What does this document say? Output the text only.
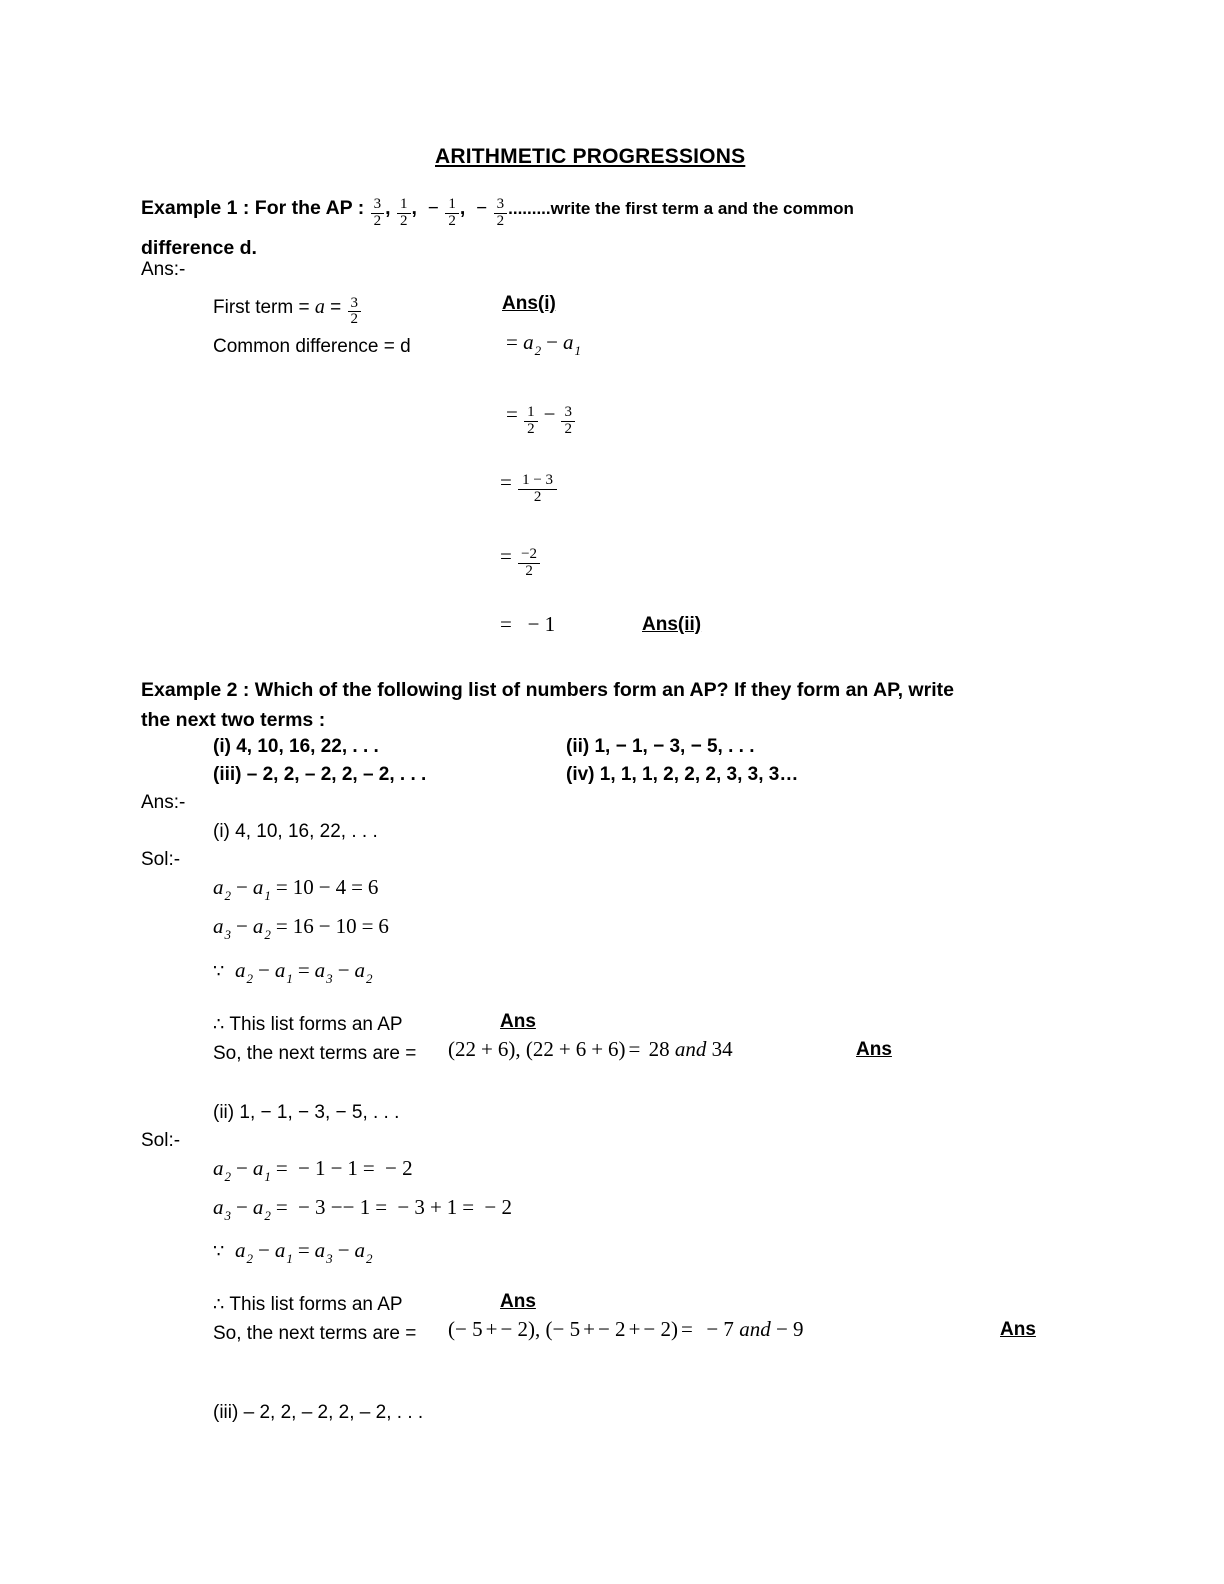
ARITHMETIC PROGRESSIONS
Example 1 : For the AP : $\frac{3}{2}$ , $\frac{1}{2}$ , − $\frac{1}{2}$ , − $\frac{3}{2}$ .........write the first term a and the common
difference d.
Ans:-
First term = $a = \frac{3}{2}$	Ans(i)
Common difference = d	= $a_2 - a_1$
= $\frac{1}{2} - \frac{3}{2}$
= $\frac{1 - 3}{2}$
= $\frac{-2}{2}$
=   − 1	Ans(ii)
Example 2 : Which of the following list of numbers form an AP? If they form an AP, write
the next two terms :
(i) 4, 10, 16, 22, . . .	(ii) 1, − 1, − 3, − 5, . . .
(iii) – 2, 2, – 2, 2, – 2, . . .	(iv) 1, 1, 1, 2, 2, 2, 3, 3, 3…
Ans:-
(i) 4, 10, 16, 22, . . .
Sol:-
$a_2 - a_1 = 10 - 4 = 6$
$a_3 - a_2 = 16 - 10 = 6$
∵ $a_2 - a_1 = a_3 - a_2$
∴ This list forms an AP	Ans
So, the next terms are = (22 + 6), (22 + 6 + 6) = 28 and 34	Ans
(ii) 1, − 1, − 3, − 5, . . .
Sol:-
$a_2 - a_1$ = − 1 − 1 = − 2
$a_3 - a_2$ = − 3 −− 1 = − 3 + 1 = − 2
∵ $a_2 - a_1 = a_3 - a_2$
∴ This list forms an AP	Ans
So, the next terms are = (− 5 + − 2), (− 5 + − 2 + − 2) =  − 7 and − 9	Ans
(iii) – 2, 2, – 2, 2, – 2, . . .
